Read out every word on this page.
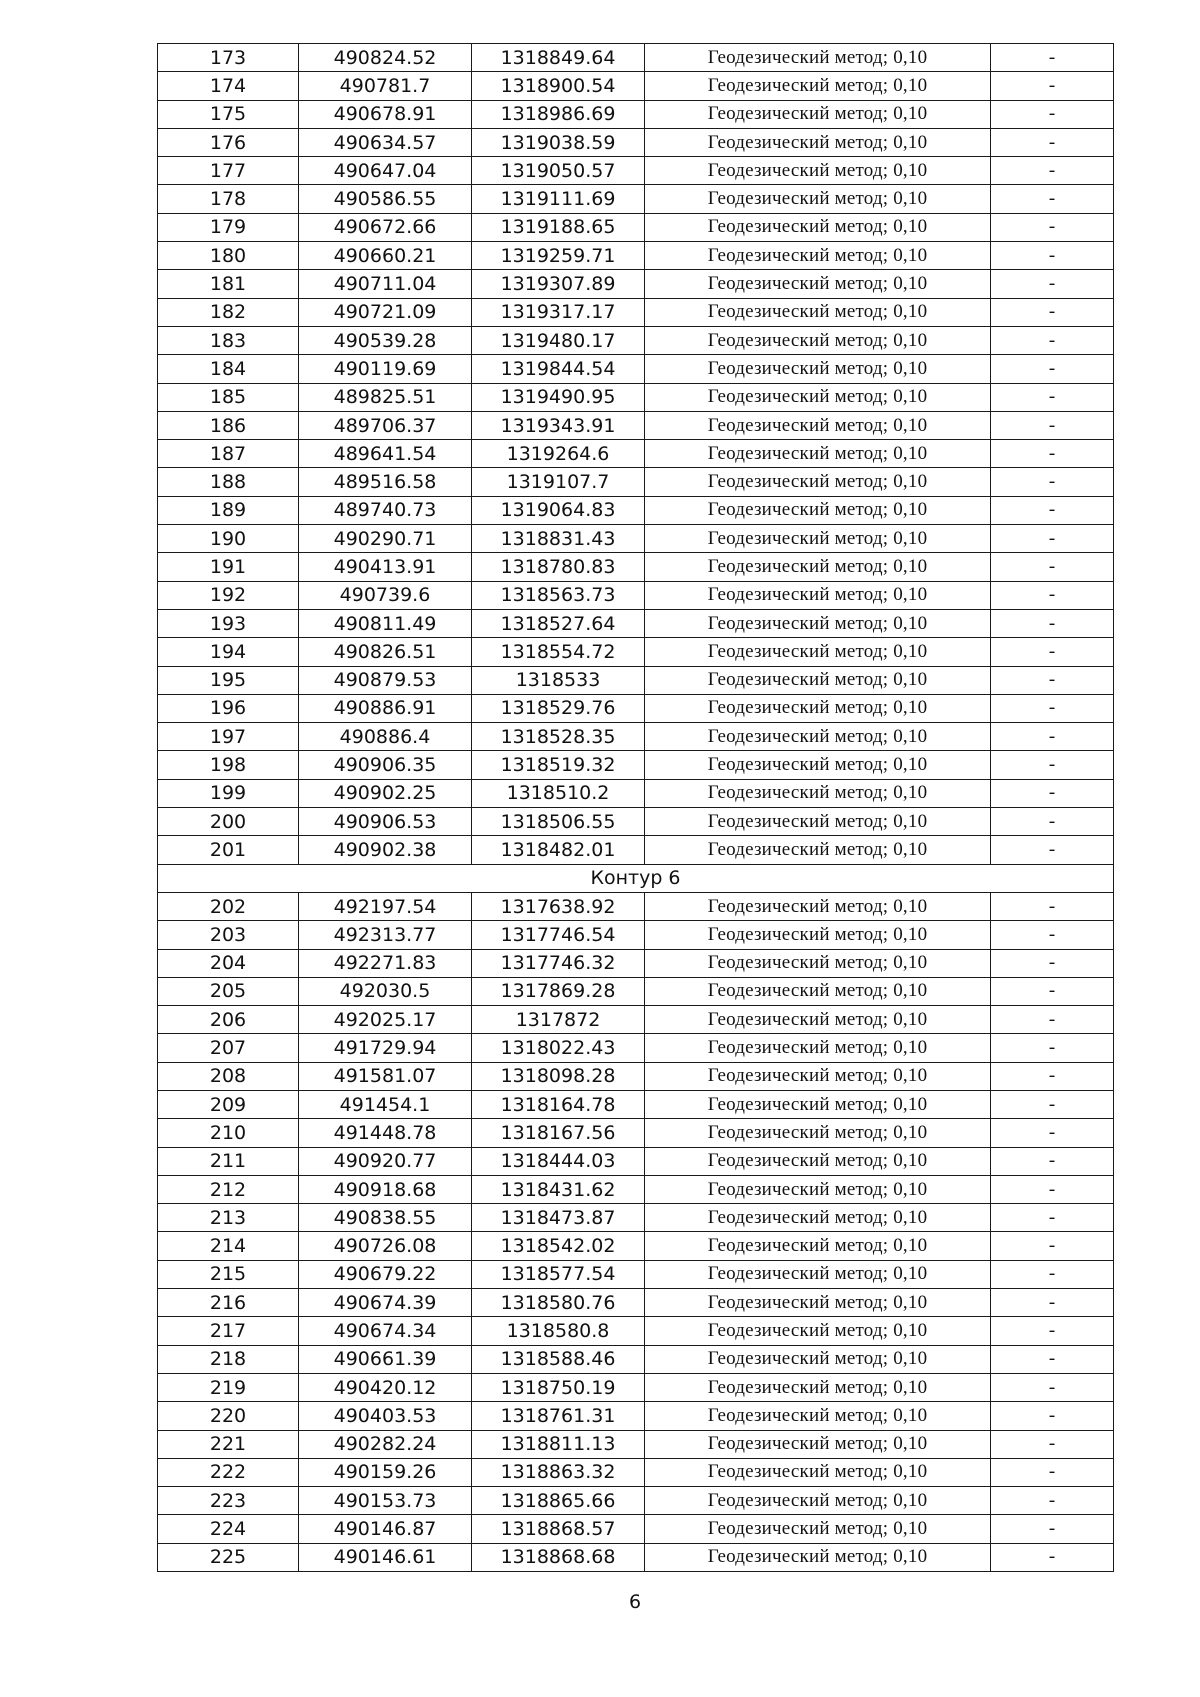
173	490824.52	1318849.64	Геодезический метод; 0,10	-
174	490781.7	1318900.54	Геодезический метод; 0,10	-
175	490678.91	1318986.69	Геодезический метод; 0,10	-
176	490634.57	1319038.59	Геодезический метод; 0,10	-
177	490647.04	1319050.57	Геодезический метод; 0,10	-
178	490586.55	1319111.69	Геодезический метод; 0,10	-
179	490672.66	1319188.65	Геодезический метод; 0,10	-
180	490660.21	1319259.71	Геодезический метод; 0,10	-
181	490711.04	1319307.89	Геодезический метод; 0,10	-
182	490721.09	1319317.17	Геодезический метод; 0,10	-
183	490539.28	1319480.17	Геодезический метод; 0,10	-
184	490119.69	1319844.54	Геодезический метод; 0,10	-
185	489825.51	1319490.95	Геодезический метод; 0,10	-
186	489706.37	1319343.91	Геодезический метод; 0,10	-
187	489641.54	1319264.6	Геодезический метод; 0,10	-
188	489516.58	1319107.7	Геодезический метод; 0,10	-
189	489740.73	1319064.83	Геодезический метод; 0,10	-
190	490290.71	1318831.43	Геодезический метод; 0,10	-
191	490413.91	1318780.83	Геодезический метод; 0,10	-
192	490739.6	1318563.73	Геодезический метод; 0,10	-
193	490811.49	1318527.64	Геодезический метод; 0,10	-
194	490826.51	1318554.72	Геодезический метод; 0,10	-
195	490879.53	1318533	Геодезический метод; 0,10	-
196	490886.91	1318529.76	Геодезический метод; 0,10	-
197	490886.4	1318528.35	Геодезический метод; 0,10	-
198	490906.35	1318519.32	Геодезический метод; 0,10	-
199	490902.25	1318510.2	Геодезический метод; 0,10	-
200	490906.53	1318506.55	Геодезический метод; 0,10	-
201	490902.38	1318482.01	Геодезический метод; 0,10	-
Контур 6				
202	492197.54	1317638.92	Геодезический метод; 0,10	-
203	492313.77	1317746.54	Геодезический метод; 0,10	-
204	492271.83	1317746.32	Геодезический метод; 0,10	-
205	492030.5	1317869.28	Геодезический метод; 0,10	-
206	492025.17	1317872	Геодезический метод; 0,10	-
207	491729.94	1318022.43	Геодезический метод; 0,10	-
208	491581.07	1318098.28	Геодезический метод; 0,10	-
209	491454.1	1318164.78	Геодезический метод; 0,10	-
210	491448.78	1318167.56	Геодезический метод; 0,10	-
211	490920.77	1318444.03	Геодезический метод; 0,10	-
212	490918.68	1318431.62	Геодезический метод; 0,10	-
213	490838.55	1318473.87	Геодезический метод; 0,10	-
214	490726.08	1318542.02	Геодезический метод; 0,10	-
215	490679.22	1318577.54	Геодезический метод; 0,10	-
216	490674.39	1318580.76	Геодезический метод; 0,10	-
217	490674.34	1318580.8	Геодезический метод; 0,10	-
218	490661.39	1318588.46	Геодезический метод; 0,10	-
219	490420.12	1318750.19	Геодезический метод; 0,10	-
220	490403.53	1318761.31	Геодезический метод; 0,10	-
221	490282.24	1318811.13	Геодезический метод; 0,10	-
222	490159.26	1318863.32	Геодезический метод; 0,10	-
223	490153.73	1318865.66	Геодезический метод; 0,10	-
224	490146.87	1318868.57	Геодезический метод; 0,10	-
225	490146.61	1318868.68	Геодезический метод; 0,10	-
6
